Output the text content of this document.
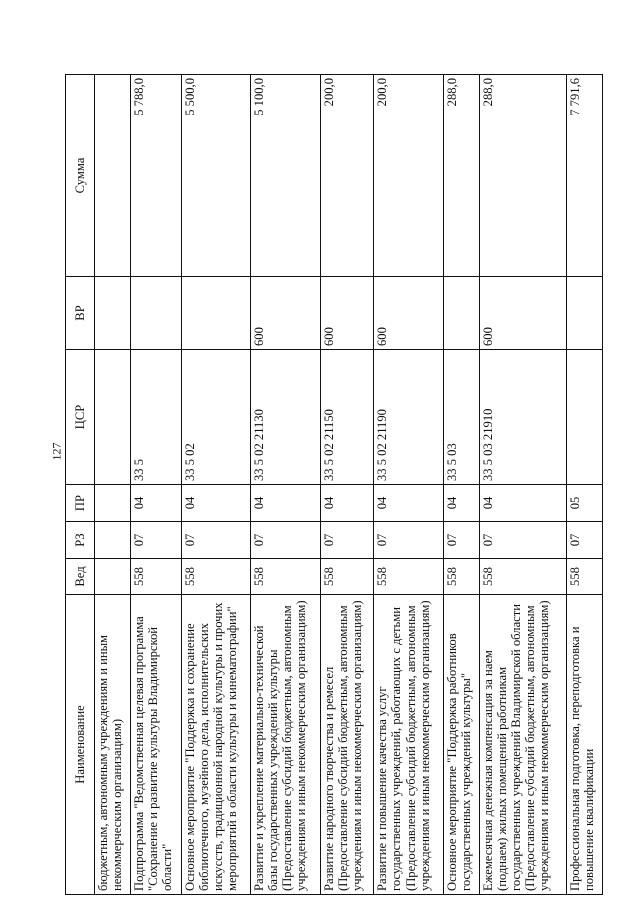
127
Наименование	Вед	РЗ	ПР	ЦСР	ВР	Сумма
бюджетным, автономным учреждениям и иным некоммерческим организациям)						
Подпрограмма "Ведомственная целевая программа "Сохранение и развитие культуры Владимирской области"	558	07	04	33 5		5 788,0
Основное мероприятие "Поддержка и сохранение библиотечного, музейного дела, исполнительских искусств, традиционной народной культуры и прочих мероприятий в области культуры и кинематографии"	558	07	04	33 5 02		5 500,0
Развитие и укрепление материально-технической базы государственных учреждений культуры (Предоставление субсидий бюджетным, автономным учреждениям и иным некоммерческим организациям)	558	07	04	33 5 02 21130	600	5 100,0
Развитие народного творчества и ремесел (Предоставление субсидий бюджетным, автономным учреждениям и иным некоммерческим организациям)	558	07	04	33 5 02 21150	600	200,0
Развитие и повышение качества услуг государственных учреждений, работающих с детьми (Предоставление субсидий бюджетным, автономным учреждениям и иным некоммерческим организациям)	558	07	04	33 5 02 21190	600	200,0
Основное мероприятие "Поддержка работников государственных учреждений культуры"	558	07	04	33 5 03		288,0
Ежемесячная денежная компенсация за наем (поднаем) жилых помещений работникам государственных учреждений Владимирской области (Предоставление субсидий бюджетным, автономным учреждениям и иным некоммерческим организациям)	558	07	04	33 5 03 21910	600	288,0
Профессиональная подготовка, переподготовка и повышение квалификации	558	07	05			7 791,6
